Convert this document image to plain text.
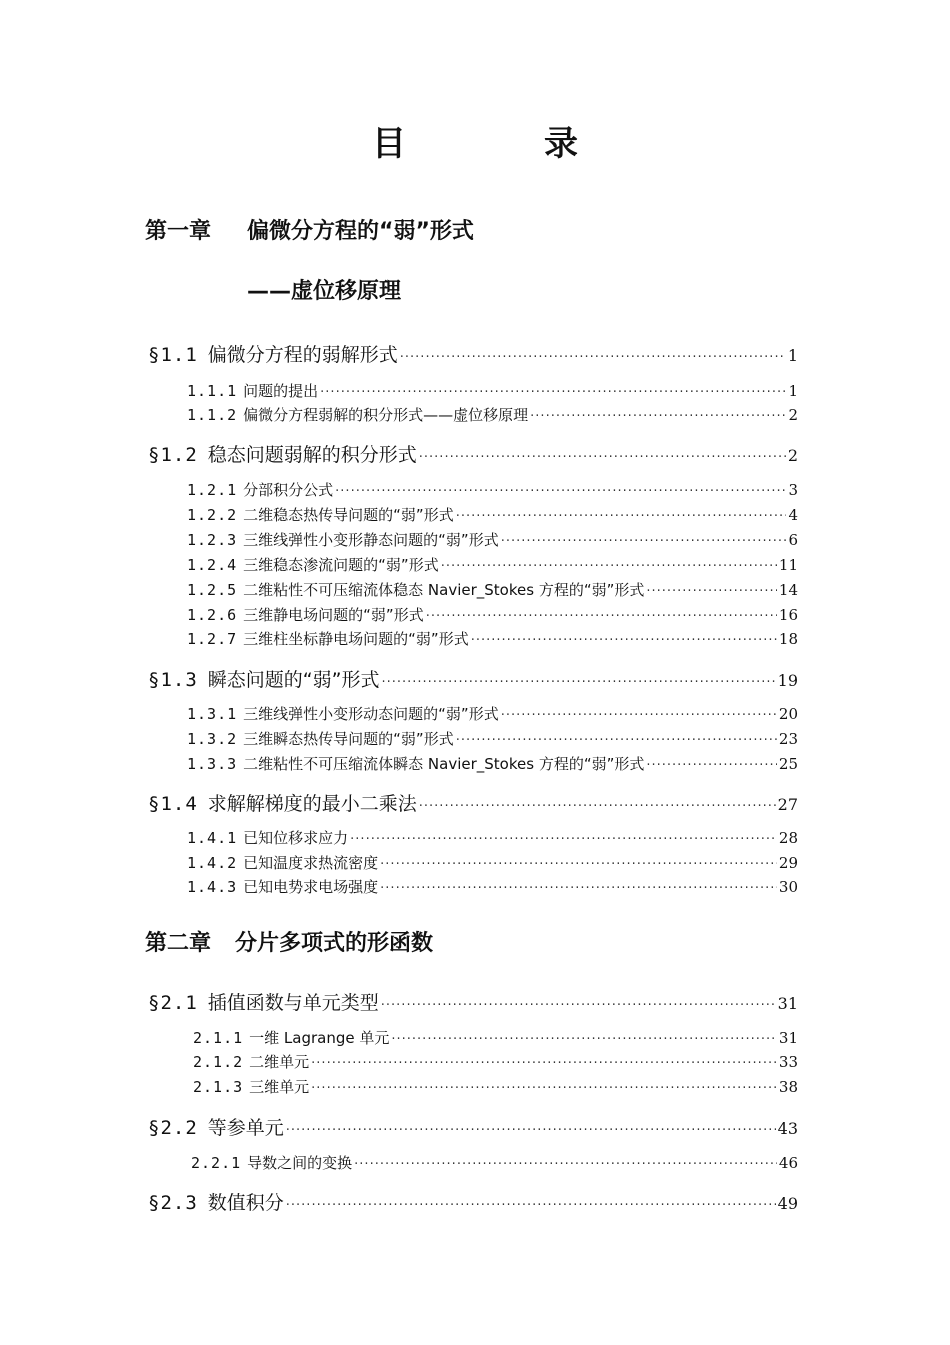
目　录
第一章 偏微分方程的“弱”形式
——虚位移原理
§1.1 偏微分方程的弱解形式 ·····	1
1.1.1 问题的提出 ·····	1
1.1.2 偏微分方程弱解的积分形式——虚位移原理 ·····	2
§1.2 稳态问题弱解的积分形式 ·····	2
1.2.1 分部积分公式 ·····	3
1.2.2 二维稳态热传导问题的“弱”形式 ·····	4
1.2.3 三维线弹性小变形静态问题的“弱”形式 ·····	6
1.2.4 三维稳态渗流问题的“弱”形式 ·····	11
1.2.5 二维粘性不可压缩流体稳态 Navier_Stokes 方程的“弱”形式 ·····	14
1.2.6 三维静电场问题的“弱”形式 ·····	16
1.2.7 三维柱坐标静电场问题的“弱”形式 ·····	18
§1.3 瞬态问题的“弱”形式 ·····	19
1.3.1 三维线弹性小变形动态问题的“弱”形式 ·····	20
1.3.2 三维瞬态热传导问题的“弱”形式 ·····	23
1.3.3 二维粘性不可压缩流体瞬态 Navier_Stokes 方程的“弱”形式 ·····	25
§1.4 求解解梯度的最小二乘法 ·····	27
1.4.1 已知位移求应力 ·····	28
1.4.2 已知温度求热流密度 ·····	29
1.4.3 已知电势求电场强度 ·····	30
第二章 分片多项式的形函数
§2.1 插值函数与单元类型 ·····	31
2.1.1 一维 Lagrange 单元 ·····	31
2.1.2 二维单元 ·····	33
2.1.3 三维单元 ·····	38
§2.2 等参单元 ·····	43
2.2.1 导数之间的变换 ·····	46
§2.3 数值积分 ·····	49
